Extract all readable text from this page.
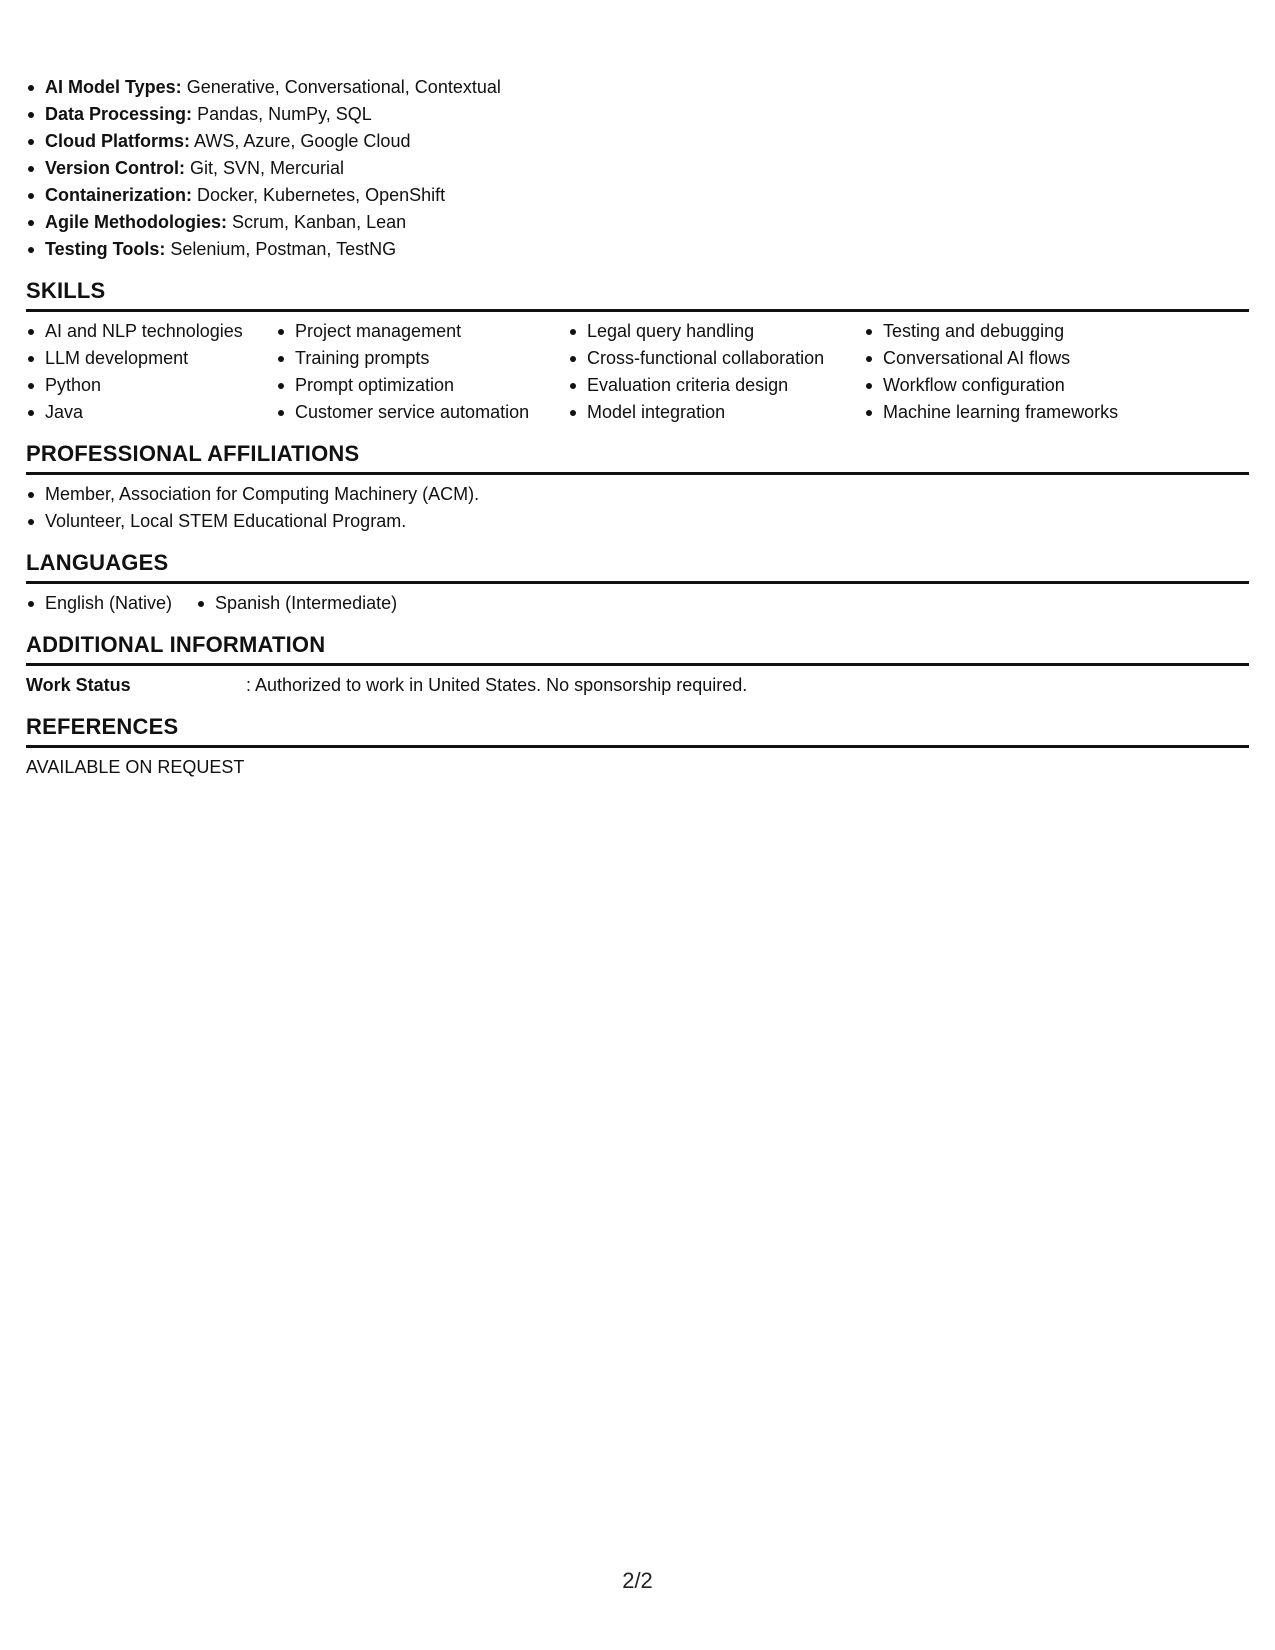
AI Model Types: Generative, Conversational, Contextual
Data Processing: Pandas, NumPy, SQL
Cloud Platforms: AWS, Azure, Google Cloud
Version Control: Git, SVN, Mercurial
Containerization: Docker, Kubernetes, OpenShift
Agile Methodologies: Scrum, Kanban, Lean
Testing Tools: Selenium, Postman, TestNG
SKILLS
AI and NLP technologies
LLM development
Python
Java
Project management
Training prompts
Prompt optimization
Customer service automation
Legal query handling
Cross-functional collaboration
Evaluation criteria design
Model integration
Testing and debugging
Conversational AI flows
Workflow configuration
Machine learning frameworks
PROFESSIONAL AFFILIATIONS
Member, Association for Computing Machinery (ACM).
Volunteer, Local STEM Educational Program.
LANGUAGES
English (Native)	Spanish (Intermediate)
ADDITIONAL INFORMATION
Work Status	: Authorized to work in United States. No sponsorship required.
REFERENCES
AVAILABLE ON REQUEST
2/2
